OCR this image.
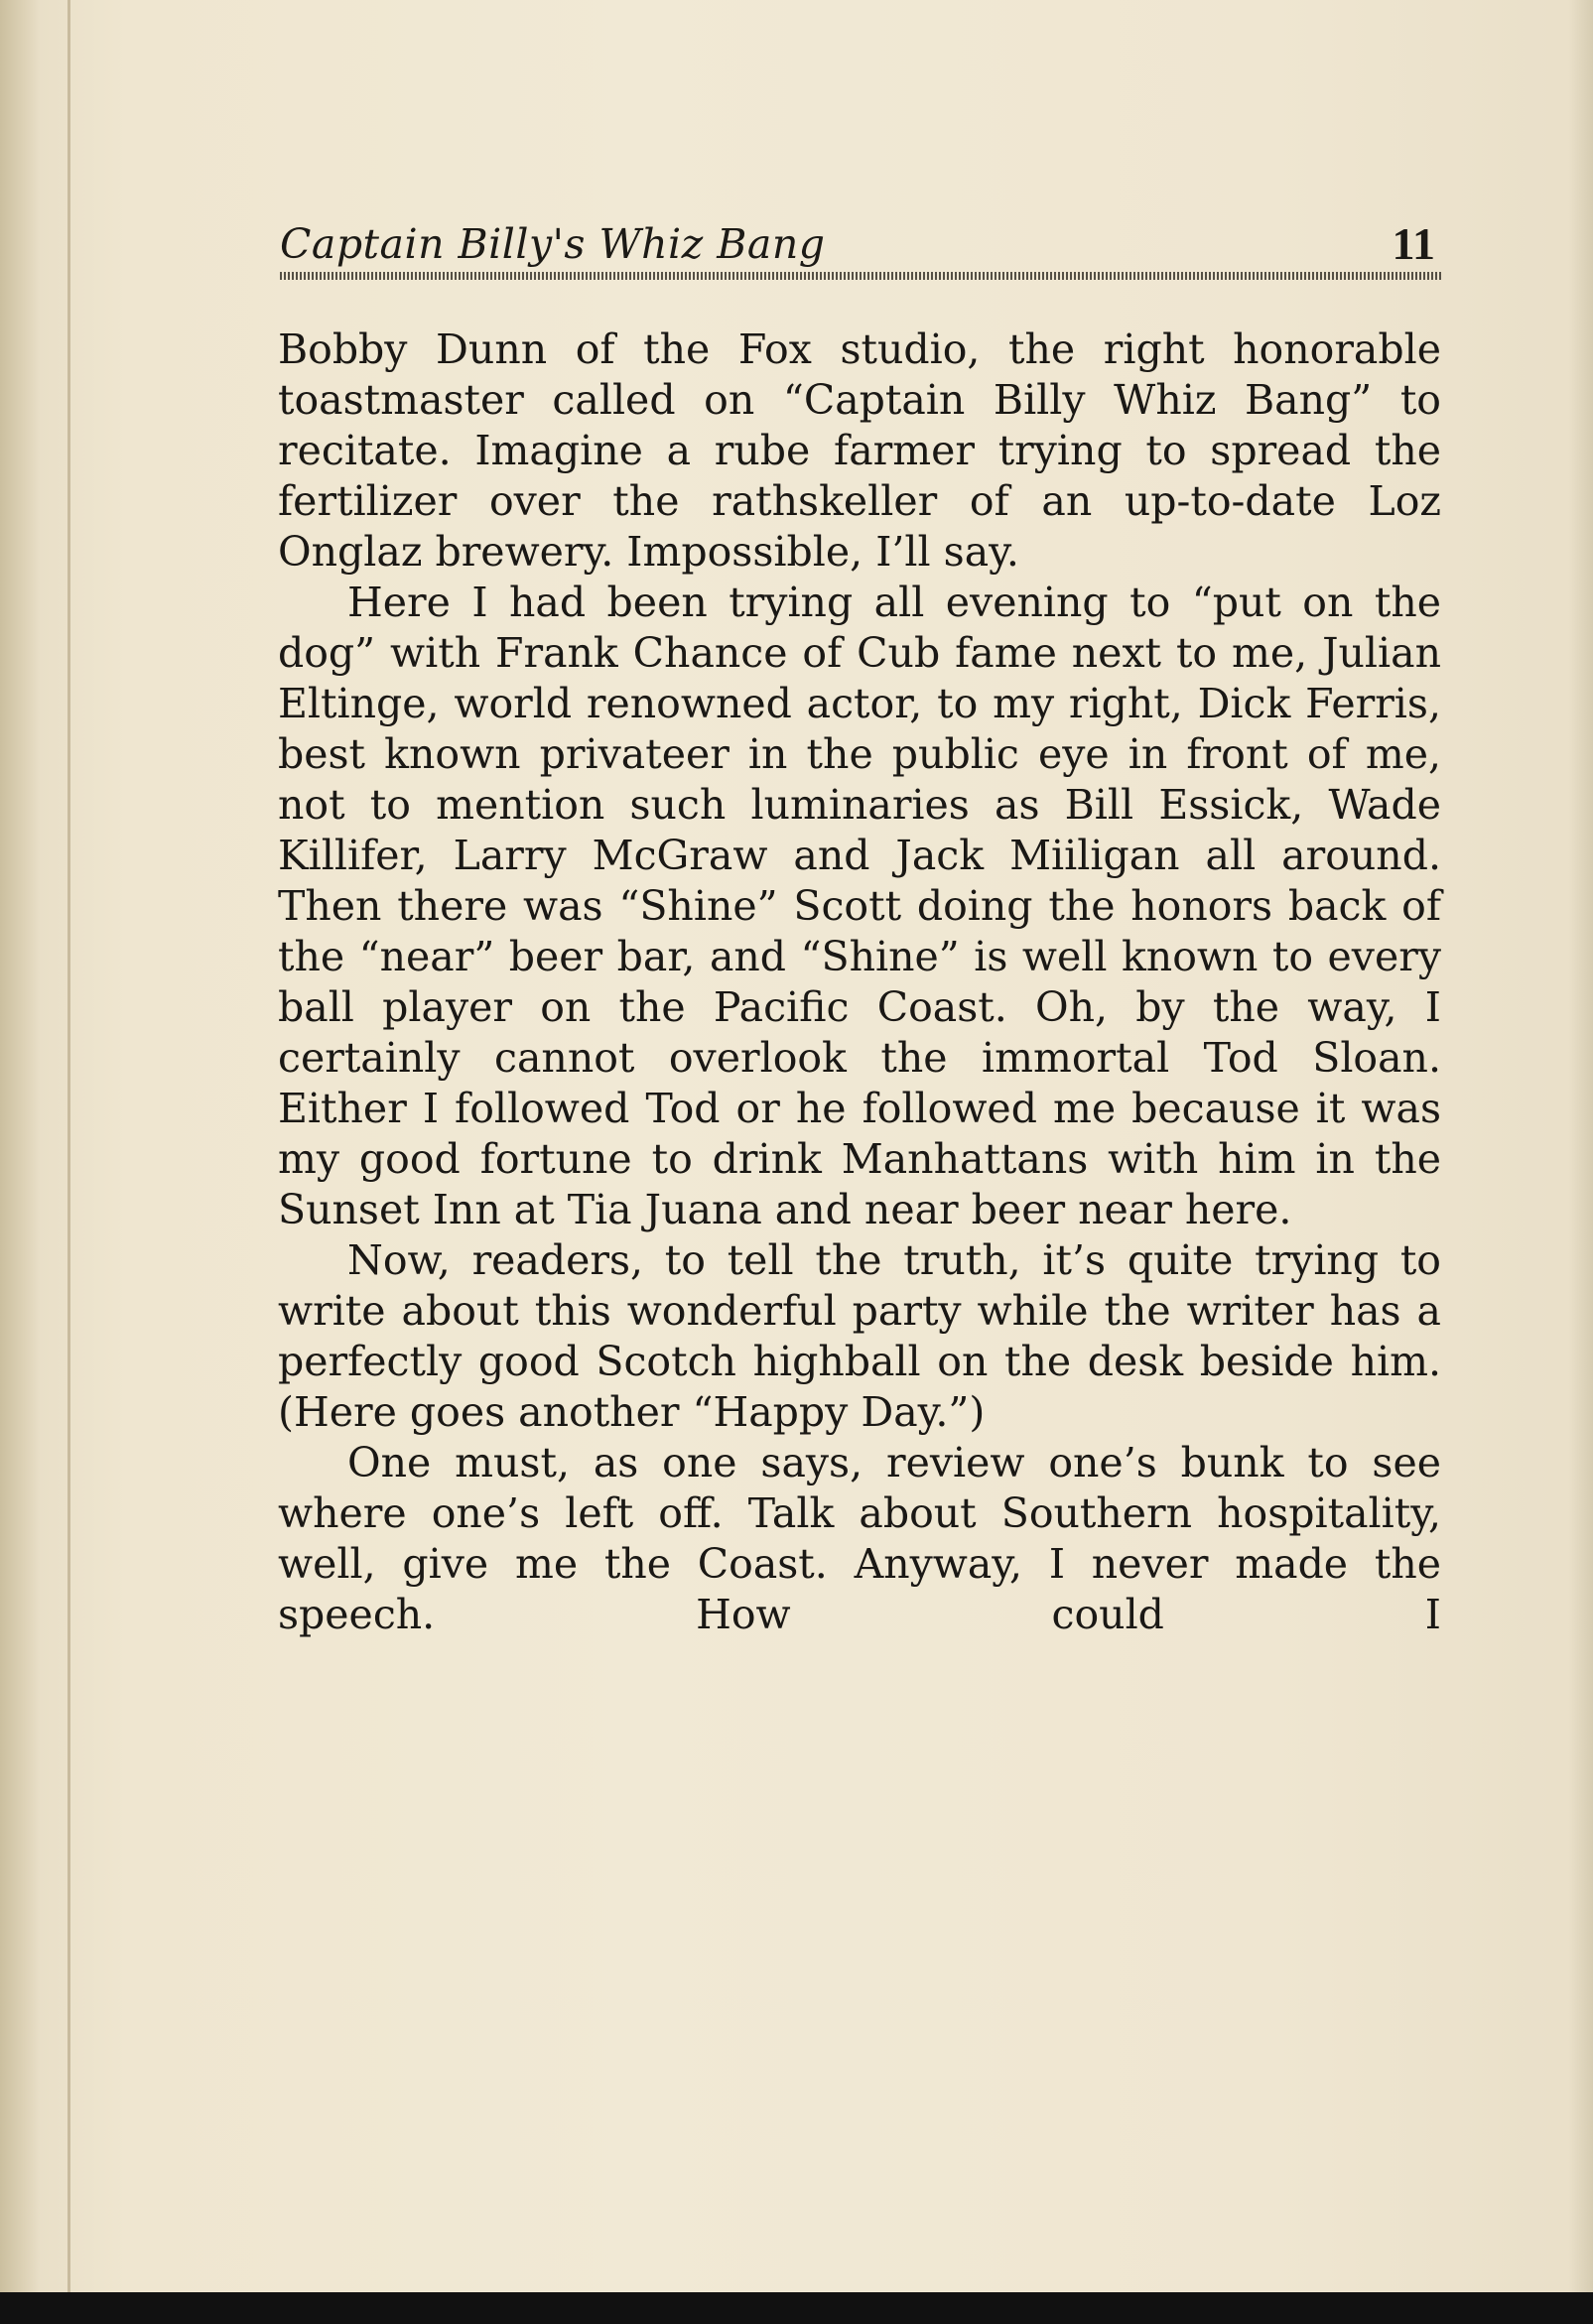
Captain Billy's Whiz Bang	11

Bobby Dunn of the Fox studio, the right honorable toastmaster called on “Captain Billy Whiz Bang” to recitate. Imagine a rube farmer trying to spread the fertilizer over the rathskeller of an up-to-date Loz Onglaz brewery. Impossible, I’ll say.

Here I had been trying all evening to “put on the dog” with Frank Chance of Cub fame next to me, Julian Eltinge, world renowned actor, to my right, Dick Ferris, best known privateer in the public eye in front of me, not to mention such luminaries as Bill Essick, Wade Killifer, Larry McGraw and Jack Miiligan all around. Then there was “Shine” Scott doing the honors back of the “near” beer bar, and “Shine” is well known to every ball player on the Pacific Coast. Oh, by the way, I certainly cannot overlook the immortal Tod Sloan. Either I followed Tod or he followed me because it was my good fortune to drink Manhattans with him in the Sunset Inn at Tia Juana and near beer near here.

Now, readers, to tell the truth, it’s quite trying to write about this wonderful party while the writer has a perfectly good Scotch highball on the desk beside him. (Here goes another “Happy Day.”)

One must, as one says, review one’s bunk to see where one’s left off. Talk about Southern hospitality, well, give me the Coast. Anyway, I never made the speech. How could I
